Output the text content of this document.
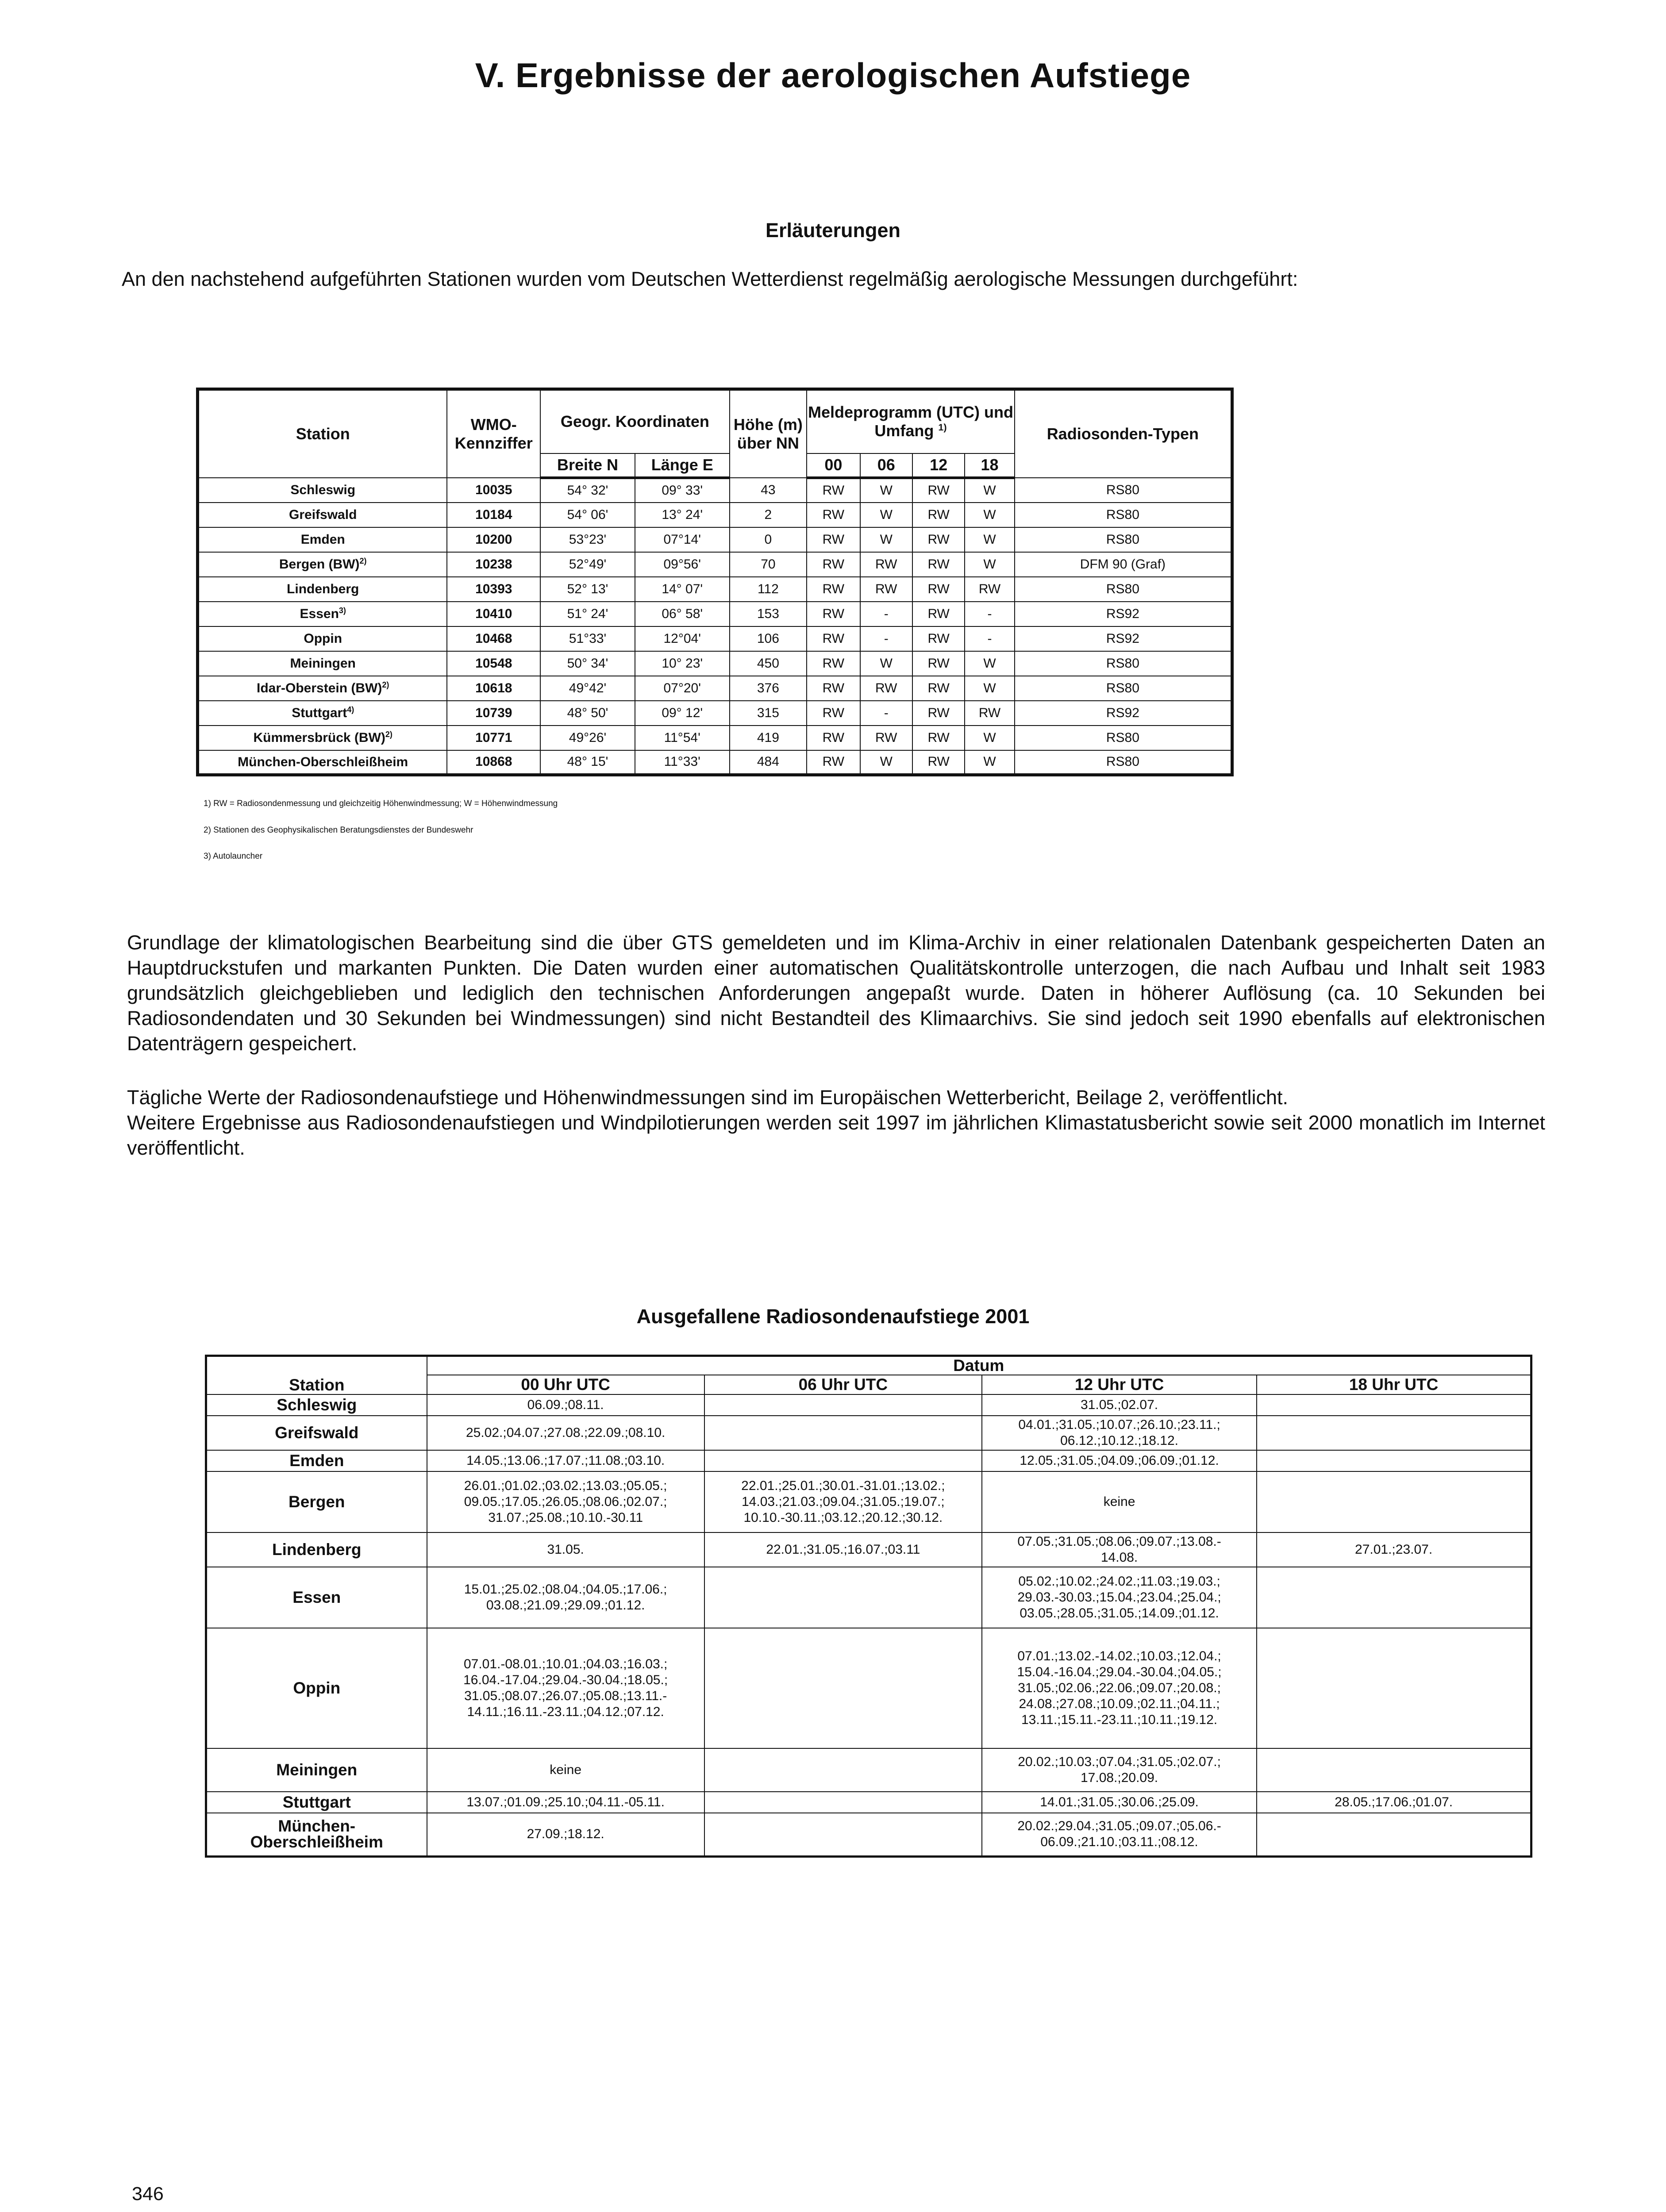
V. Ergebnisse der aerologischen Aufstiege
Erläuterungen
An den nachstehend aufgeführten Stationen wurden vom Deutschen Wetterdienst regelmäßig aerologische Messungen durchgeführt:
Station	WMO-Kennziffer	Geogr. Koordinaten		Höhe (m) über NN	Meldeprogramm (UTC) und Umfang $^{1)}$				Radiosonden-Typen
		Breite N	Länge E		00	06	12	18	
Schleswig	10035	54° 32'	09° 33'	43	RW	W	RW	W	RS80
Greifswald	10184	54° 06'	13° 24'	2	RW	W	RW	W	RS80
Emden	10200	53°23'	07°14'	0	RW	W	RW	W	RS80
Bergen (BW)$^{2)}$	10238	52°49'	09°56'	70	RW	RW	RW	W	DFM 90 (Graf)
Lindenberg	10393	52° 13'	14° 07'	112	RW	RW	RW	RW	RS80
Essen$^{3)}$	10410	51° 24'	06° 58'	153	RW	-	RW	-	RS92
Oppin	10468	51°33'	12°04'	106	RW	-	RW	-	RS92
Meiningen	10548	50° 34'	10° 23'	450	RW	W	RW	W	RS80
Idar-Oberstein (BW)$^{2)}$	10618	49°42'	07°20'	376	RW	RW	RW	W	RS80
Stuttgart$^{4)}$	10739	48° 50'	09° 12'	315	RW	-	RW	RW	RS92
Kümmersbrück (BW)$^{2)}$	10771	49°26'	11°54'	419	RW	RW	RW	W	RS80
München-Oberschleißheim	10868	48° 15'	11°33'	484	RW	W	RW	W	RS80
1) RW = Radiosondenmessung und gleichzeitig Höhenwindmessung; W = Höhenwindmessung
2) Stationen des Geophysikalischen Beratungsdienstes der Bundeswehr
3) Autolauncher
Grundlage der klimatologischen Bearbeitung sind die über GTS gemeldeten und im Klima-Archiv in einer relationalen Datenbank gespeicherten Daten an Hauptdruckstufen und markanten Punkten. Die Daten wurden einer automatischen Qualitätskontrolle unterzogen, die nach Aufbau und Inhalt seit 1983 grundsätzlich gleichgeblieben und lediglich den technischen Anforderungen angepaßt wurde. Daten in höherer Auflösung (ca. 10 Sekunden bei Radiosondendaten und 30 Sekunden bei Windmessungen) sind nicht Bestandteil des Klimaarchivs. Sie sind jedoch seit 1990 ebenfalls auf elektronischen Datenträgern gespeichert.
Tägliche Werte der Radiosondenaufstiege und Höhenwindmessungen sind im Europäischen Wetterbericht, Beilage 2, veröffentlicht.
Weitere Ergebnisse aus Radiosondenaufstiegen und Windpilotierungen werden seit 1997 im jährlichen Klimastatusbericht sowie seit 2000 monatlich im Internet veröffentlicht.
Ausgefallene Radiosondenaufstiege 2001
Station	Datum			
	00 Uhr UTC	06 Uhr UTC	12 Uhr UTC	18 Uhr UTC
Schleswig	06.09.;08.11.		31.05.;02.07.	
Greifswald	25.02.;04.07.;27.08.;22.09.;08.10.		04.01.;31.05.;10.07.;26.10.;23.11.;
06.12.;10.12.;18.12.	
Emden	14.05.;13.06.;17.07.;11.08.;03.10.		12.05.;31.05.;04.09.;06.09.;01.12.	
Bergen	26.01.;01.02.;03.02.;13.03.;05.05.;
09.05.;17.05.;26.05.;08.06.;02.07.;
31.07.;25.08.;10.10.-30.11	22.01.;25.01.;30.01.-31.01.;13.02.;
14.03.;21.03.;09.04.;31.05.;19.07.;
10.10.-30.11.;03.12.;20.12.;30.12.	keine	
Lindenberg	31.05.	22.01.;31.05.;16.07.;03.11	07.05.;31.05.;08.06.;09.07.;13.08.-
14.08.	27.01.;23.07.
Essen	15.01.;25.02.;08.04.;04.05.;17.06.;
03.08.;21.09.;29.09.;01.12.		05.02.;10.02.;24.02.;11.03.;19.03.;
29.03.-30.03.;15.04.;23.04.;25.04.;
03.05.;28.05.;31.05.;14.09.;01.12.	
Oppin	07.01.-08.01.;10.01.;04.03.;16.03.;
16.04.-17.04.;29.04.-30.04.;18.05.;
31.05.;08.07.;26.07.;05.08.;13.11.-
14.11.;16.11.-23.11.;04.12.;07.12.		07.01.;13.02.-14.02.;10.03.;12.04.;
15.04.-16.04.;29.04.-30.04.;04.05.;
31.05.;02.06.;22.06.;09.07.;20.08.;
24.08.;27.08.;10.09.;02.11.;04.11.;
13.11.;15.11.-23.11.;10.11.;19.12.	
Meiningen	keine		20.02.;10.03.;07.04.;31.05.;02.07.;
17.08.;20.09.	
Stuttgart	13.07.;01.09.;25.10.;04.11.-05.11.		14.01.;31.05.;30.06.;25.09.	28.05.;17.06.;01.07.
München-
Oberschleißheim	27.09.;18.12.		20.02.;29.04.;31.05.;09.07.;05.06.-
06.09.;21.10.;03.11.;08.12.	
346
